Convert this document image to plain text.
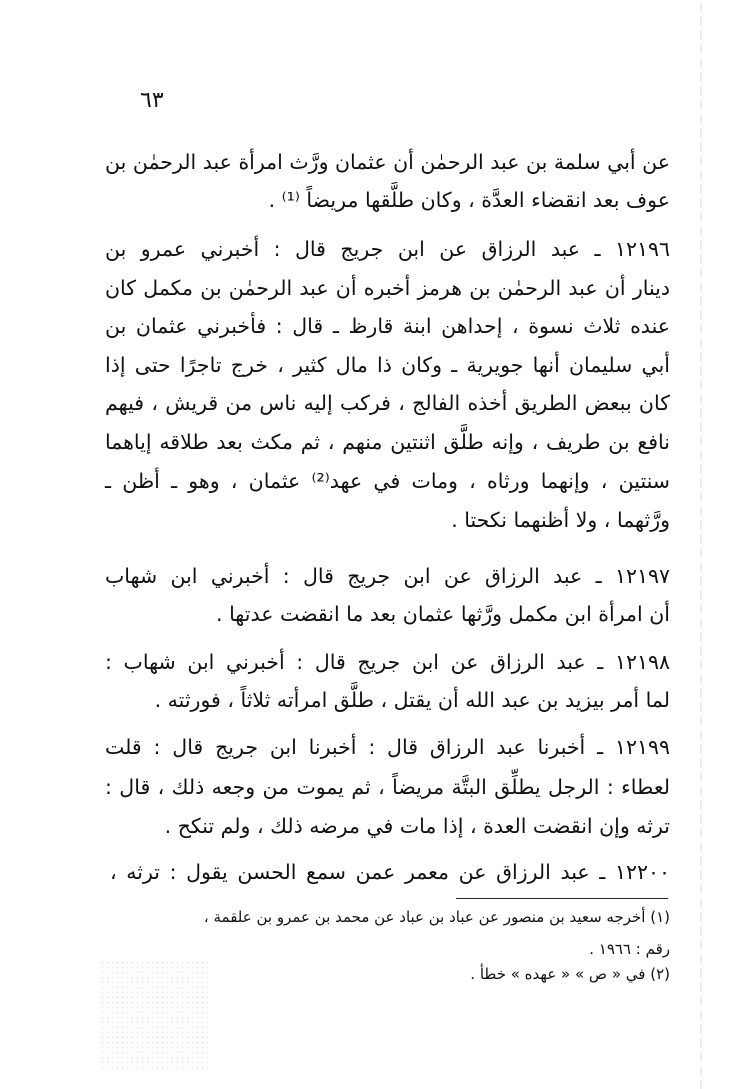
٦٣
عن أبي سلمة بن عبد الرحمٰن أن عثمان ورَّث امرأة عبد الرحمٰن بن
عوف بعد انقضاء العدَّة ، وكان طلَّقها مريضاً ⁽¹⁾ .
١٢١٩٦ ـ عبد الرزاق عن ابن جريج قال : أخبرني عمرو بن
دينار أن عبد الرحمٰن بن هرمز أخبره أن عبد الرحمٰن بن مكمل كان
عنده ثلاث نسوة ، إحداهن ابنة قارظ ـ قال : فأخبرني عثمان بن
أبي سليمان أنها جويرية ـ وكان ذا مال كثير ، خرج تاجرًا حتى إذا
كان ببعض الطريق أخذه الفالج ، فركب إليه ناس من قريش ، فيهم
نافع بن طريف ، وإنه طلَّق اثنتين منهم ، ثم مكث بعد طلاقه إياهما
سنتين ، وإنهما ورثاه ، ومات في عهد⁽²⁾ عثمان ، وهو ـ أظن ـ
ورَّثهما ، ولا أظنهما نكحتا .
١٢١٩٧ ـ عبد الرزاق عن ابن جريج قال : أخبرني ابن شهاب
أن امرأة ابن مكمل ورَّثها عثمان بعد ما انقضت عدتها .
١٢١٩٨ ـ عبد الرزاق عن ابن جريج قال : أخبرني ابن شهاب :
لما أمر بيزيد بن عبد الله أن يقتل ، طلَّق امرأته ثلاثاً ، فورثته .
١٢١٩٩ ـ أخبرنا عبد الرزاق قال : أخبرنا ابن جريج قال : قلت
لعطاء : الرجل يطلِّق البتَّة مريضاً ، ثم يموت من وجعه ذلك ، قال :
ترثه وإن انقضت العدة ، إذا مات في مرضه ذلك ، ولم تنكح .
١٢٢٠٠ ـ عبد الرزاق عن معمر عمن سمع الحسن يقول : ترثه ،
(١) أخرجه سعيد بن منصور عن عباد بن عباد عن محمد بن عمرو بن علقمة ،
رقم : ١٩٦٦ .
(٢) في « ص » « عهده » خطأ .
